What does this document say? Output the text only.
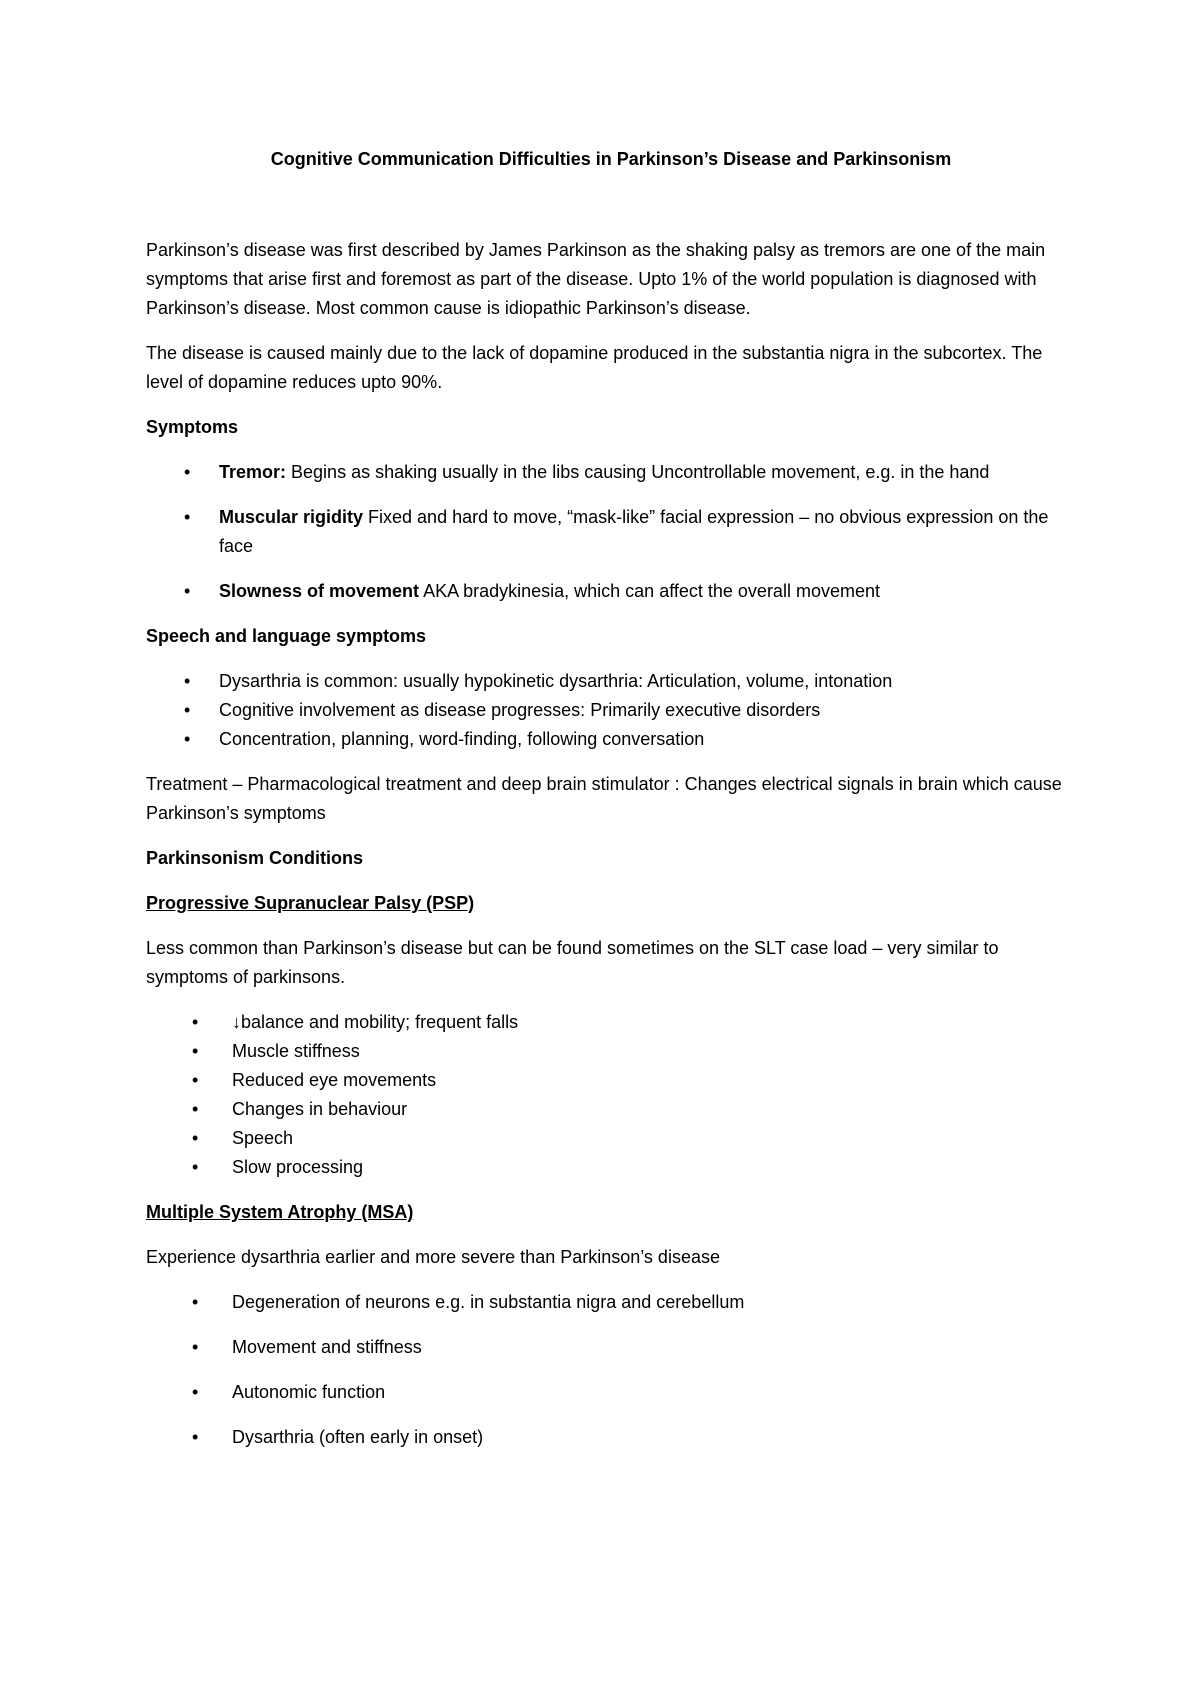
Cognitive Communication Difficulties in Parkinson’s Disease and Parkinsonism

Parkinson’s disease was first described by James Parkinson as the shaking palsy as tremors are one of the main symptoms that arise first and foremost as part of the disease. Upto 1% of the world population is diagnosed with Parkinson’s disease. Most common cause is idiopathic Parkinson’s disease.

The disease is caused mainly due to the lack of dopamine produced in the substantia nigra in the subcortex. The level of dopamine reduces upto 90%.

Symptoms
• Tremor: Begins as shaking usually in the libs causing Uncontrollable movement, e.g. in the hand
• Muscular rigidity Fixed and hard to move, “mask-like” facial expression – no obvious expression on the face
• Slowness of movement AKA bradykinesia, which can affect the overall movement
Speech and language symptoms
• Dysarthria is common: usually hypokinetic dysarthria: Articulation, volume, intonation
• Cognitive involvement as disease progresses: Primarily executive disorders
• Concentration, planning, word-finding, following conversation

Treatment – Pharmacological treatment and deep brain stimulator : Changes electrical signals in brain which cause Parkinson’s symptoms

Parkinsonism Conditions
Progressive Supranuclear Palsy (PSP)

Less common than Parkinson’s disease but can be found sometimes on the SLT case load – very similar to symptoms of parkinsons.

• ↓balance and mobility; frequent falls
• Muscle stiffness
• Reduced eye movements
• Changes in behaviour
• Speech
• Slow processing
Multiple System Atrophy (MSA)

Experience dysarthria earlier and more severe than Parkinson’s disease

• Degeneration of neurons e.g. in substantia nigra and cerebellum
• Movement and stiffness
• Autonomic function
• Dysarthria (often early in onset)
